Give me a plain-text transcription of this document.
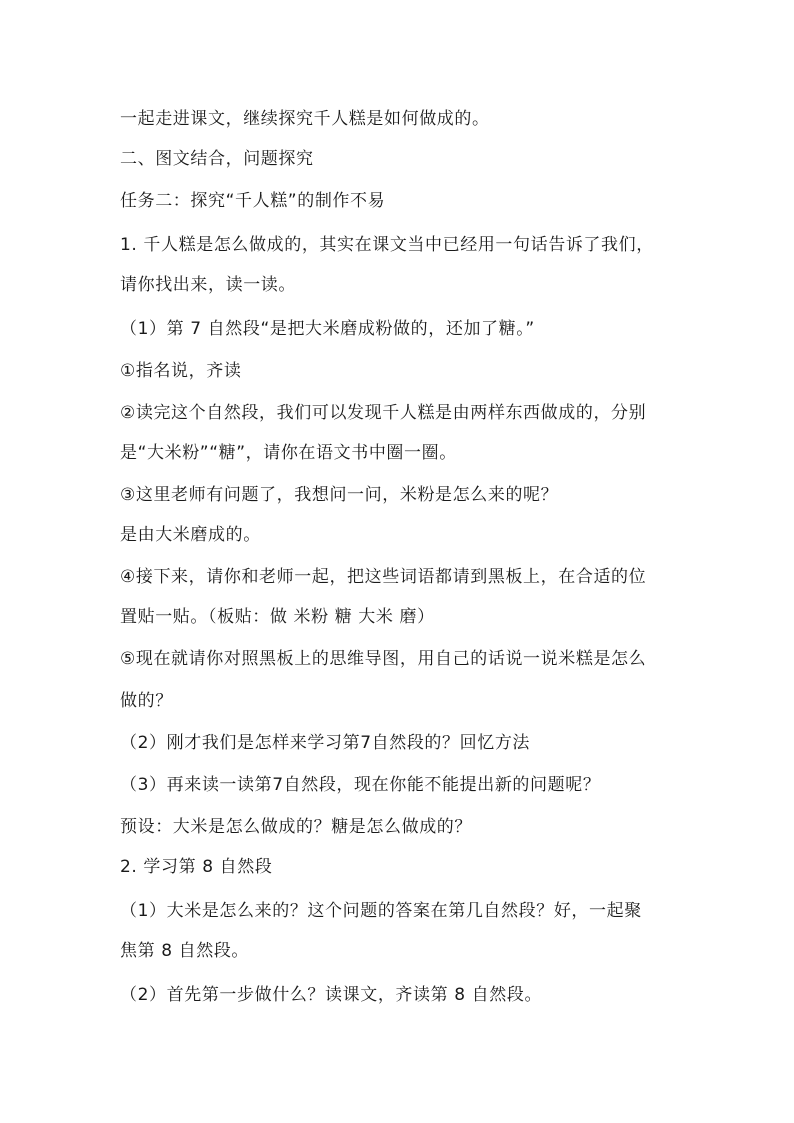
一起走进课文，继续探究千人糕是如何做成的。
二、图文结合，问题探究
任务二：探究“千人糕”的制作不易
1. 千人糕是怎么做成的，其实在课文当中已经用一句话告诉了我们，
请你找出来，读一读。
（1）第 7 自然段“是把大米磨成粉做的，还加了糖。”
①指名说，齐读
②读完这个自然段，我们可以发现千人糕是由两样东西做成的，分别
是“大米粉”“糖”，请你在语文书中圈一圈。
③这里老师有问题了，我想问一问，米粉是怎么来的呢？
是由大米磨成的。
④接下来，请你和老师一起，把这些词语都请到黑板上，在合适的位
置贴一贴。（板贴：做 米粉 糖 大米 磨）
⑤现在就请你对照黑板上的思维导图，用自己的话说一说米糕是怎么
做的？
（2）刚才我们是怎样来学习第7自然段的？回忆方法
（3）再来读一读第7自然段，现在你能不能提出新的问题呢？
预设：大米是怎么做成的？糖是怎么做成的？
2. 学习第 8 自然段
（1）大米是怎么来的？这个问题的答案在第几自然段？好，一起聚
焦第 8 自然段。
（2）首先第一步做什么？读课文，齐读第 8 自然段。
